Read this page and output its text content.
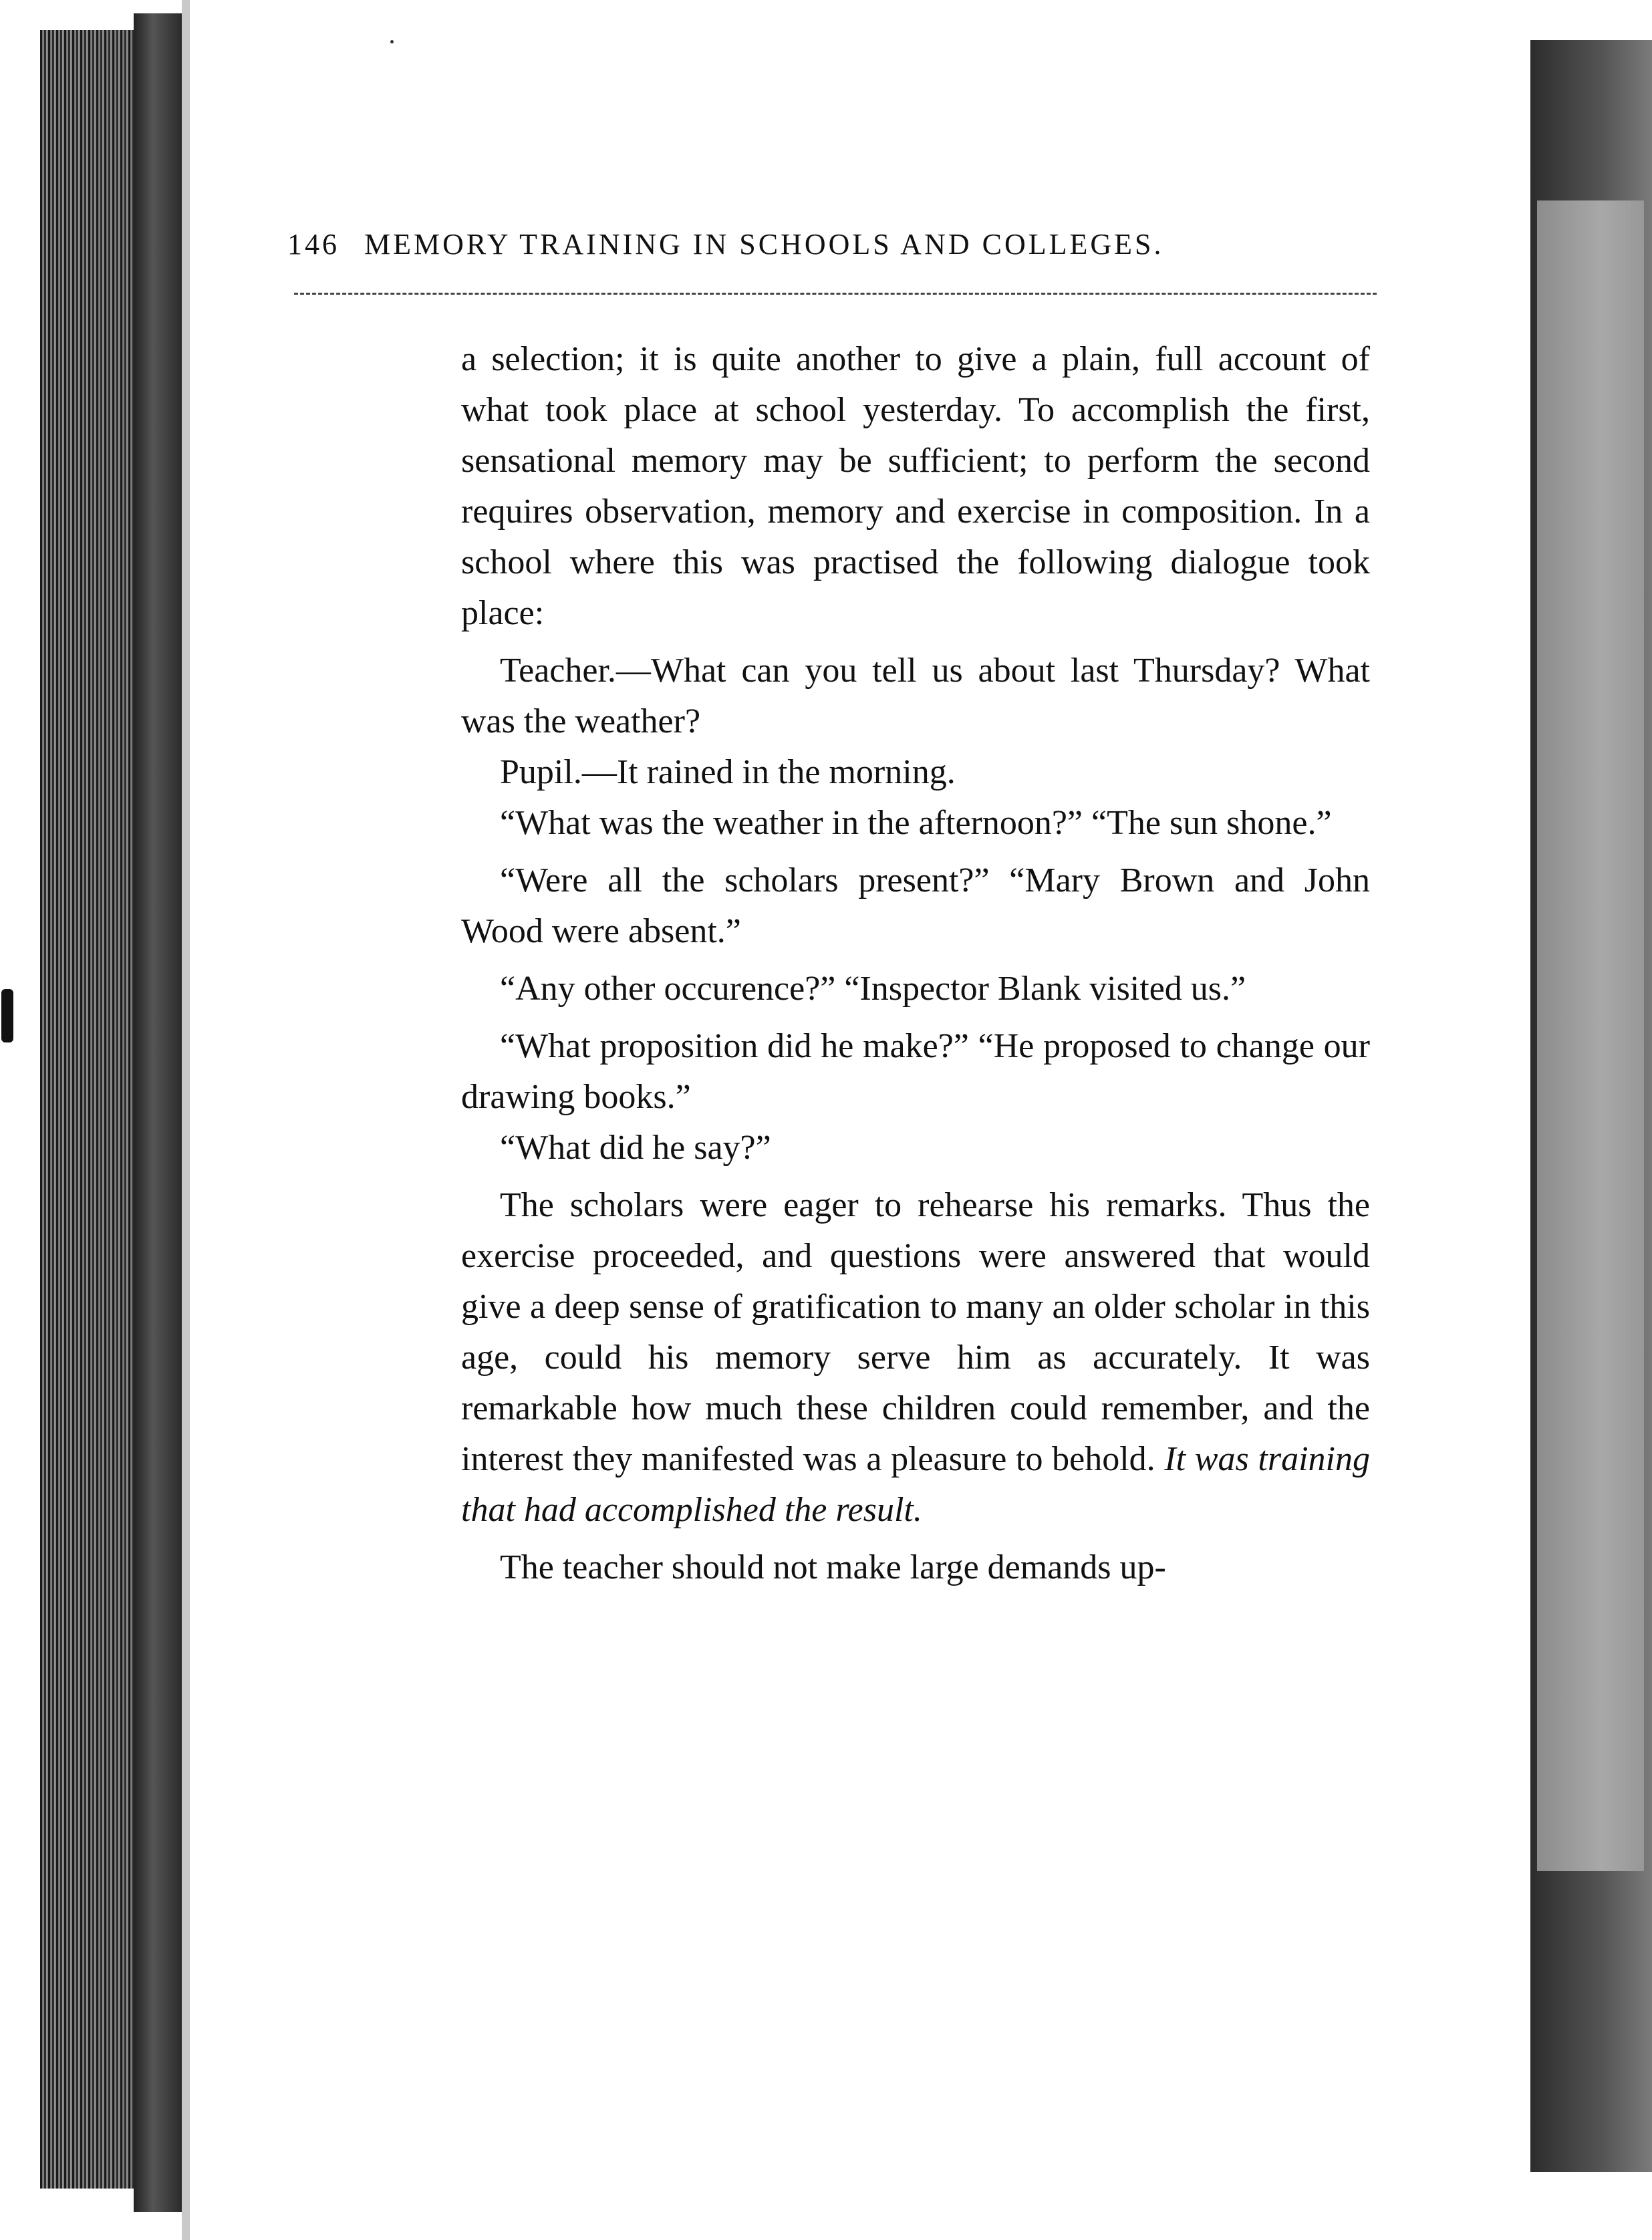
146 MEMORY TRAINING IN SCHOOLS AND COLLEGES.

a selection; it is quite another to give a plain, full account of what took place at school yesterday. To accomplish the first, sensational memory may be sufficient; to perform the second requires observation, memory and exercise in composition. In a school where this was practised the following dialogue took place:

Teacher.—What can you tell us about last Thursday? What was the weather?

Pupil.—It rained in the morning.

“What was the weather in the afternoon?” “The sun shone.”

“Were all the scholars present?” “Mary Brown and John Wood were absent.”

“Any other occurence?” “Inspector Blank visited us.”

“What proposition did he make?” “He proposed to change our drawing books.”

“What did he say?”

The scholars were eager to rehearse his remarks. Thus the exercise proceeded, and questions were answered that would give a deep sense of gratification to many an older scholar in this age, could his memory serve him as accurately. It was remarkable how much these children could remember, and the interest they manifested was a pleasure to behold. It was training that had accomplished the result.

The teacher should not make large demands up-
